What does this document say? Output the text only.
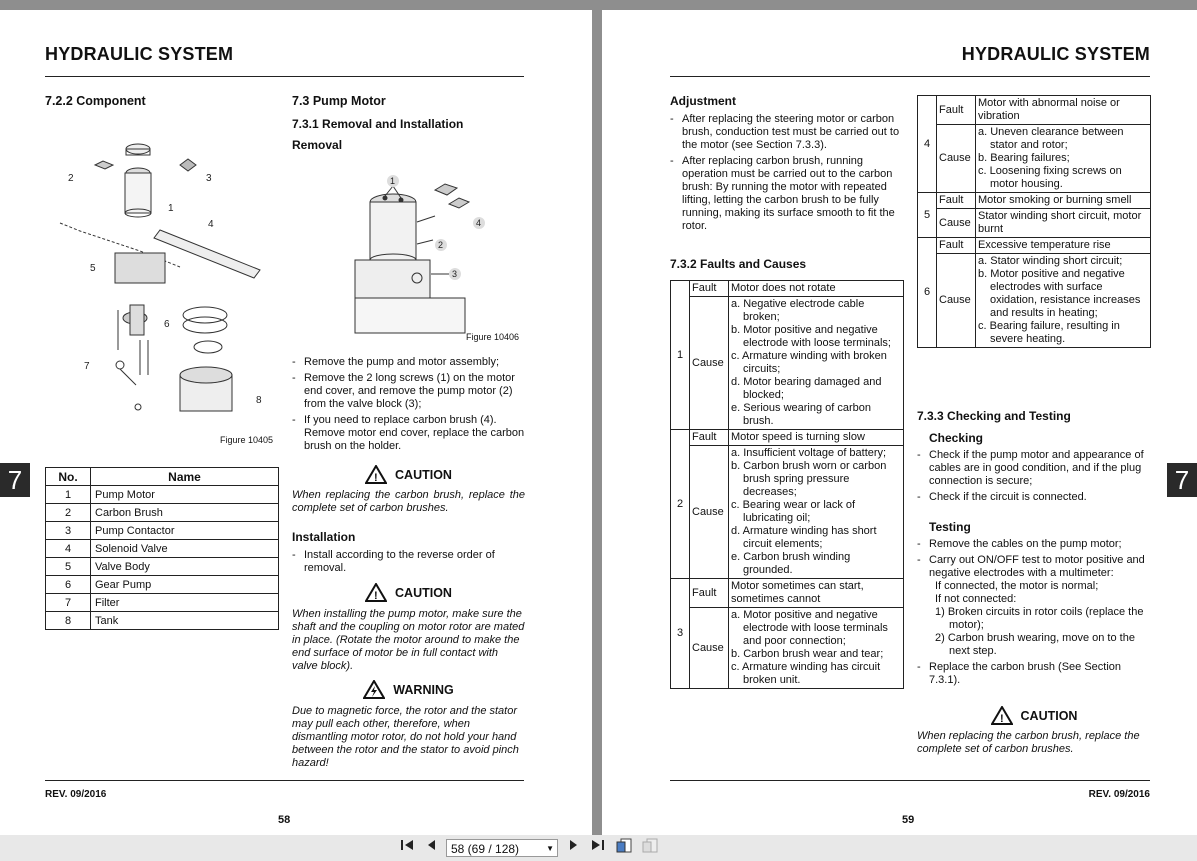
HYDRAULIC SYSTEM
7.2.2 Component
2	3
1
4
5
6
7
8
Figure 10405
7	No.	Name
1	Pump Motor
2	Carbon Brush
3	Pump Contactor
4	Solenoid Valve
5	Valve Body
6	Gear Pump
7	Filter
8	Tank
7.3 Pump Motor
7.3.1 Removal and Installation
Removal
1
2
3
4
Figure 10406
- Remove the pump and motor assembly;
- Remove the 2 long screws (1) on the motor end cover, and remove the pump motor (2) from the valve block (3);
- If you need to replace carbon brush (4). Remove motor end cover, replace the carbon brush on the holder.
! CAUTION
When replacing the carbon brush, replace the complete set of carbon brushes.
Installation
- Install according to the reverse order of removal.
! CAUTION
When installing the pump motor, make sure the shaft and the coupling on motor rotor are mated in place. (Rotate the motor around to make the end surface of motor be in full contact with valve block).
WARNING
Due to magnetic force, the rotor and the stator may pull each other, therefore, when dismantling motor rotor, do not hold your hand between the rotor and the stator to avoid pinch hazard!
REV. 09/2016
58
HYDRAULIC SYSTEM
Adjustment
- After replacing the steering motor or carbon brush, conduction test must be carried out to the motor (see Section 7.3.3).
- After replacing carbon brush, running operation must be carried out to the carbon brush: By running the motor with repeated lifting, letting the carbon brush to be fully running, making its surface smooth to fit the rotor.
7.3.2 Faults and Causes
1	Fault	Motor does not rotate
	Cause	a. Negative electrode cable broken;
b. Motor positive and negative electrode with loose terminals;
c. Armature winding with broken circuits;
d. Motor bearing damaged and blocked;
e. Serious wearing of carbon brush.

2	Fault	Motor speed is turning slow
	Cause	a. Insufficient voltage of battery;
b. Carbon brush worn or carbon brush spring pressure decreases;
c. Bearing wear or lack of lubricating oil;
d. Armature winding has short circuit elements;
e. Carbon brush winding grounded.

3	Fault	Motor sometimes can start, sometimes cannot
	Cause	a. Motor positive and negative electrode with loose terminals and poor connection;
b. Carbon brush wear and tear;
c. Armature winding has circuit broken unit.
4	Fault	Motor with abnormal noise or vibration
	Cause	a. Uneven clearance between stator and rotor;
b. Bearing failures;
c. Loosening fixing screws on motor housing.

5	Fault	Motor smoking or burning smell
	Cause	Stator winding short circuit, motor burnt
6	Fault	Excessive temperature rise
	Cause	a. Stator winding short circuit;
b. Motor positive and negative electrodes with surface oxidation, resistance increases and results in heating;
c. Bearing failure, resulting in severe heating.
7.3.3 Checking and Testing
Checking
- Check if the pump motor and appearance of cables are in good condition, and if the plug connection is secure;
- Check if the circuit is connected.
Testing
- Remove the cables on the pump motor;
- Carry out ON/OFF test to motor positive and negative electrodes with a multimeter:
If connected, the motor is normal;
If not connected:
1) Broken circuits in rotor coils (replace the motor);
2) Carbon brush wearing, move on to the next step.
- Replace the carbon brush (See Section 7.3.1).
! CAUTION
When replacing the carbon brush, replace the complete set of carbon brushes.
7
REV. 09/2016
59
58 (69 / 128)	▼
